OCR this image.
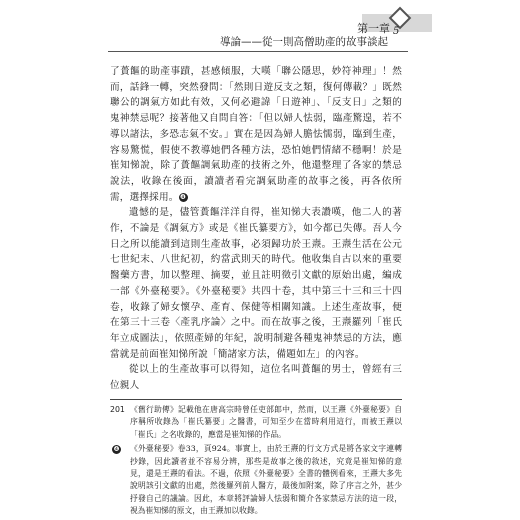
第一章 5
導論——從一則高僧助產的故事談起

了蕢饇的助產事蹟，甚感傾服，大嘆「聯公隱思，妙符神理」！然而，話鋒一轉，突然發問：「然則日遊反支之類，復何傳載？」既然聯公的調氣方如此有效，又何必避諱「日遊神」、「反支日」之類的鬼神禁忌呢？接著他又自問自答：「但以婦人怯弱，臨產驚遑，若不導以諸法，多恐志氣不安。」實在是因為婦人膽怯懦弱，臨到生產，容易驚慌，假使不教導她們各種方法，恐怕她們情緒不穩啊！於是崔知悌說，除了蕢饇調氣助產的技術之外，他還整理了各家的禁忌說法，收錄在後面，讀讀者看完調氣助產的故事之後，再各依所需，選擇採用。❹

遺憾的是，儘管蕢饇洋洋自得，崔知悌大表讚嘆，他二人的著作，不論是《調氣方》或是《崔氏纂要方》，如今都已失傳。吾人今日之所以能讀到這則生產故事，必須歸功於王燾。王燾生活在公元七世紀末、八世紀初，約當武則天的時代。他收集自古以來的重要醫藥方書，加以整理、摘要，並且註明徵引文獻的原始出處，編成一部《外臺秘要》。《外臺秘要》共四十卷，其中第三十三和三十四卷，收錄了婦女懷孕、產育、保健等相關知識。上述生產故事，便在第三十三卷〈產乳序論〉之中。而在故事之後，王燾羅列「崔氏年立成圖法」，依照產婦的年紀，說明制避各種鬼神禁忌的方法，應當就是前面崔知悌所說「簡諸家方法，備題如左」的內容。

從以上的生產故事可以得知，這位名叫蕢饇的男士，曾經有三位親人

201 《舊行助傳》記載他在唐高宗時曾任吏部郎中，然而，以王燾《外臺秘要》自序稱所收錄為「崔氏纂要」之醫書，可知至少在當時利用這行，而被王燾以「崔氏」之名收錄的，應當是崔知悌的作品。

❹ 《外臺秘要》卷33，頁924。事實上，由於王燾的行文方式是將各家文字連轉抄錄，因此讀者並不容易分辨，那些是故事之後的敘述，究竟是崔知悌的意見，還是王燾的看法。不過，依照《外臺秘要》全書的體例看來，王燾大多先說明該引文獻的出處，然後羅列前人醫方，最後加附案，除了序言之外，甚少抒發自己的議論。因此，本章將評論婦人怯弱和簡介各家禁忌方法的這一段，視為崔知悌的原文，由王燾加以收錄。
